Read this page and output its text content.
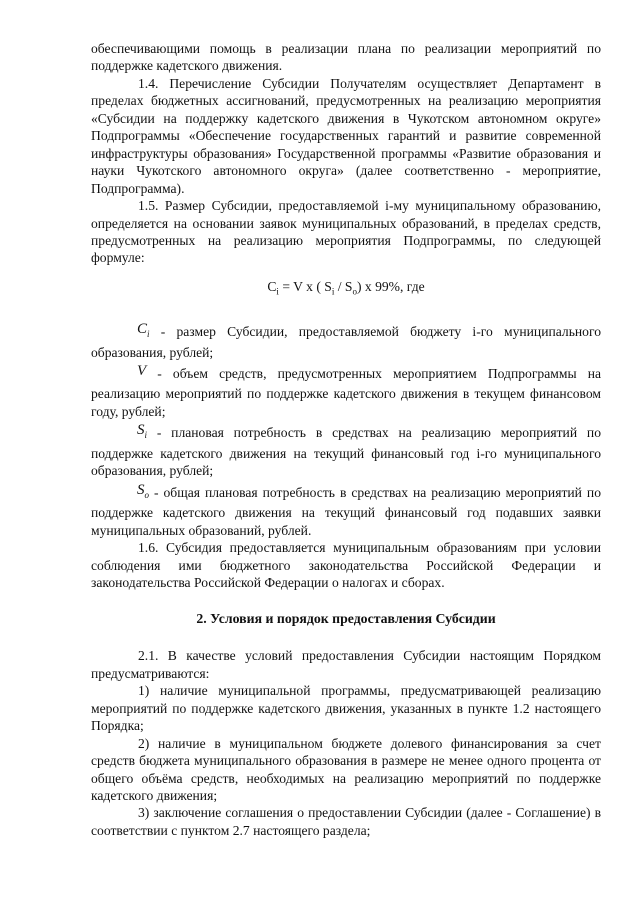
обеспечивающими помощь в реализации плана по реализации мероприятий по поддержке кадетского движения.

1.4. Перечисление Субсидии Получателям осуществляет Департамент в пределах бюджетных ассигнований, предусмотренных на реализацию мероприятия «Субсидии на поддержку кадетского движения в Чукотском автономном округе» Подпрограммы «Обеспечение государственных гарантий и развитие современной инфраструктуры образования» Государственной программы «Развитие образования и науки Чукотского автономного округа» (далее соответственно - мероприятие, Подпрограмма).

1.5. Размер Субсидии, предоставляемой i-му муниципальному образованию, определяется на основании заявок муниципальных образований, в пределах средств, предусмотренных на реализацию мероприятия Подпрограммы, по следующей формуле:

$C_i = V$ x ( $S_i / S_o$) x 99%, где

$C_i$ - размер Субсидии, предоставляемой бюджету i-го муниципального образования, рублей;

V - объем средств, предусмотренных мероприятием Подпрограммы на реализацию мероприятий по поддержке кадетского движения в текущем финансовом году, рублей;

$S_i$ - плановая потребность в средствах на реализацию мероприятий по поддержке кадетского движения на текущий финансовый год i-го муниципального образования, рублей;

$S_o$ - общая плановая потребность в средствах на реализацию мероприятий по поддержке кадетского движения на текущий финансовый год подавших заявки муниципальных образований, рублей.

1.6. Субсидия предоставляется муниципальным образованиям при условии соблюдения ими бюджетного законодательства Российской Федерации и законодательства Российской Федерации о налогах и сборах.

2. Условия и порядок предоставления Субсидии

2.1. В качестве условий предоставления Субсидии настоящим Порядком предусматриваются:

1) наличие муниципальной программы, предусматривающей реализацию мероприятий по поддержке кадетского движения, указанных в пункте 1.2 настоящего Порядка;

2) наличие в муниципальном бюджете долевого финансирования за счет средств бюджета муниципального образования в размере не менее одного процента от общего объёма средств, необходимых на реализацию мероприятий по поддержке кадетского движения;

3) заключение соглашения о предоставлении Субсидии (далее - Соглашение) в соответствии с пунктом 2.7 настоящего раздела;
